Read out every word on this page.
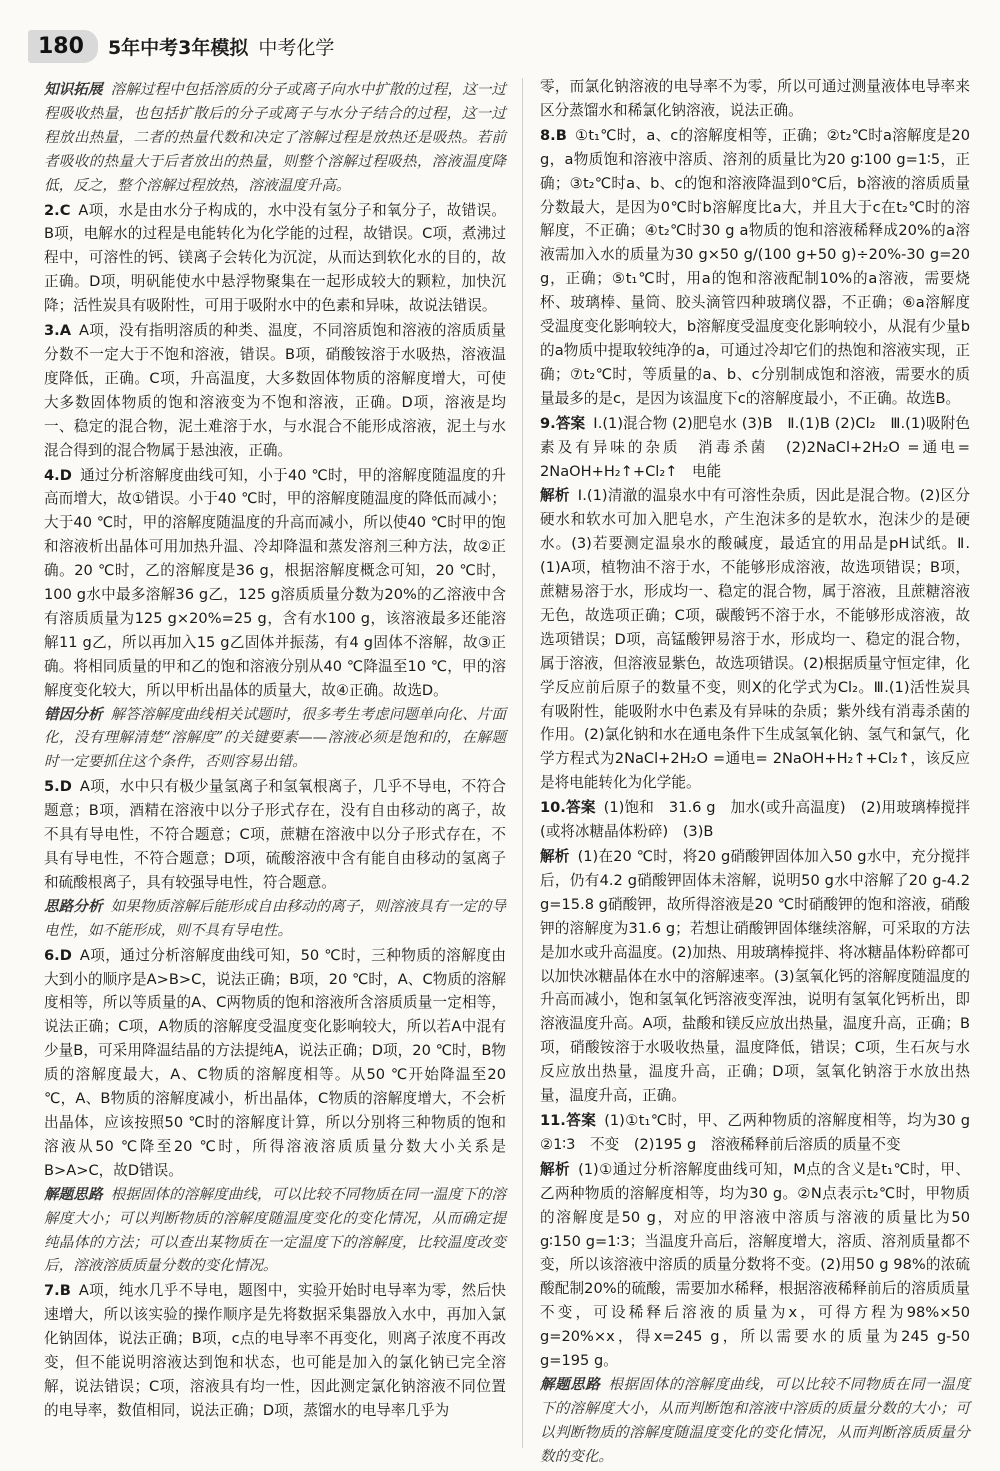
180	5年中考3年模拟 中考化学

知识拓展 溶解过程中包括溶质的分子或离子向水中扩散的过程，这一过程吸收热量，也包括扩散后的分子或离子与水分子结合的过程，这一过程放出热量，二者的热量代数和决定了溶解过程是放热还是吸热。若前者吸收的热量大于后者放出的热量，则整个溶解过程吸热，溶液温度降低，反之，整个溶解过程放热，溶液温度升高。

2.C A项，水是由水分子构成的，水中没有氢分子和氧分子，故错误。B项，电解水的过程是电能转化为化学能的过程，故错误。C项，煮沸过程中，可溶性的钙、镁离子会转化为沉淀，从而达到软化水的目的，故正确。D项，明矾能使水中悬浮物聚集在一起形成较大的颗粒，加快沉降；活性炭具有吸附性，可用于吸附水中的色素和异味，故说法错误。

3.A A项，没有指明溶质的种类、温度，不同溶质饱和溶液的溶质质量分数不一定大于不饱和溶液，错误。B项，硝酸铵溶于水吸热，溶液温度降低，正确。C项，升高温度，大多数固体物质的溶解度增大，可使大多数固体物质的饱和溶液变为不饱和溶液，正确。D项，溶液是均一、稳定的混合物，泥土难溶于水，与水混合不能形成溶液，泥土与水混合得到的混合物属于悬浊液，正确。

4.D 通过分析溶解度曲线可知，小于40 ℃时，甲的溶解度随温度的升高而增大，故①错误。小于40 ℃时，甲的溶解度随温度的降低而减小；大于40 ℃时，甲的溶解度随温度的升高而减小，所以使40 ℃时甲的饱和溶液析出晶体可用加热升温、冷却降温和蒸发溶剂三种方法，故②正确。20 ℃时，乙的溶解度是36 g，根据溶解度概念可知，20 ℃时，100 g水中最多溶解36 g乙，125 g溶质质量分数为20%的乙溶液中含有溶质质量为125 g×20%=25 g，含有水100 g，该溶液最多还能溶解11 g乙，所以再加入15 g乙固体并振荡，有4 g固体不溶解，故③正确。将相同质量的甲和乙的饱和溶液分别从40 ℃降温至10 ℃，甲的溶解度变化较大，所以甲析出晶体的质量大，故④正确。故选D。

错因分析 解答溶解度曲线相关试题时，很多考生考虑问题单向化、片面化，没有理解清楚“溶解度”的关键要素——溶液必须是饱和的，在解题时一定要抓住这个条件，否则容易出错。

5.D A项，水中只有极少量氢离子和氢氧根离子，几乎不导电，不符合题意；B项，酒精在溶液中以分子形式存在，没有自由移动的离子，故不具有导电性，不符合题意；C项，蔗糖在溶液中以分子形式存在，不具有导电性，不符合题意；D项，硫酸溶液中含有能自由移动的氢离子和硫酸根离子，具有较强导电性，符合题意。

思路分析 如果物质溶解后能形成自由移动的离子，则溶液具有一定的导电性，如不能形成，则不具有导电性。

6.D A项，通过分析溶解度曲线可知，50 ℃时，三种物质的溶解度由大到小的顺序是A>B>C，说法正确；B项，20 ℃时，A、C物质的溶解度相等，所以等质量的A、C两物质的饱和溶液所含溶质质量一定相等，说法正确；C项，A物质的溶解度受温度变化影响较大，所以若A中混有少量B，可采用降温结晶的方法提纯A，说法正确；D项，20 ℃时，B物质的溶解度最大，A、C物质的溶解度相等。从50 ℃开始降温至20 ℃，A、B物质的溶解度减小，析出晶体，C物质的溶解度增大，不会析出晶体，应该按照50 ℃时的溶解度计算，所以分别将三种物质的饱和溶液从50 ℃降至20 ℃时，所得溶液溶质质量分数大小关系是B>A>C，故D错误。

解题思路 根据固体的溶解度曲线，可以比较不同物质在同一温度下的溶解度大小；可以判断物质的溶解度随温度变化的变化情况，从而确定提纯晶体的方法；可以查出某物质在一定温度下的溶解度，比较温度改变后，溶液溶质质量分数的变化情况。

7.B A项，纯水几乎不导电，题图中，实验开始时电导率为零，然后快速增大，所以该实验的操作顺序是先将数据采集器放入水中，再加入氯化钠固体，说法正确；B项，c点的电导率不再变化，则离子浓度不再改变，但不能说明溶液达到饱和状态，也可能是加入的氯化钠已完全溶解，说法错误；C项，溶液具有均一性，因此测定氯化钠溶液不同位置的电导率，数值相同，说法正确；D项，蒸馏水的电导率几乎为

零，而氯化钠溶液的电导率不为零，所以可通过测量液体电导率来区分蒸馏水和稀氯化钠溶液，说法正确。

8.B ①t₁℃时，a、c的溶解度相等，正确；②t₂℃时a溶解度是20 g，a物质饱和溶液中溶质、溶剂的质量比为20 g∶100 g=1∶5，正确；③t₂℃时a、b、c的饱和溶液降温到0℃后，b溶液的溶质质量分数最大，是因为0℃时b溶解度比a大，并且大于c在t₂℃时的溶解度，不正确；④t₂℃时30 g a物质的饱和溶液稀释成20%的a溶液需加入水的质量为30 g×50 g/(100 g+50 g)÷20%-30 g=20 g，正确；⑤t₁℃时，用a的饱和溶液配制10%的a溶液，需要烧杯、玻璃棒、量筒、胶头滴管四种玻璃仪器，不正确；⑥a溶解度受温度变化影响较大，b溶解度受温度变化影响较小，从混有少量b的a物质中提取较纯净的a，可通过冷却它们的热饱和溶液实现，正确；⑦t₂℃时，等质量的a、b、c分别制成饱和溶液，需要水的质量最多的是c，是因为该温度下c的溶解度最小，不正确。故选B。

9.答案 Ⅰ.(1)混合物 (2)肥皂水 (3)B　Ⅱ.(1)B (2)Cl₂　Ⅲ.(1)吸附色素及有异味的杂质　消毒杀菌　(2)2NaCl+2H₂O =通电= 2NaOH+H₂↑+Cl₂↑　电能

解析 Ⅰ.(1)清澈的温泉水中有可溶性杂质，因此是混合物。(2)区分硬水和软水可加入肥皂水，产生泡沫多的是软水，泡沫少的是硬水。(3)若要测定温泉水的酸碱度，最适宜的用品是pH试纸。Ⅱ.(1)A项，植物油不溶于水，不能够形成溶液，故选项错误；B项，蔗糖易溶于水，形成均一、稳定的混合物，属于溶液，且蔗糖溶液无色，故选项正确；C项，碳酸钙不溶于水，不能够形成溶液，故选项错误；D项，高锰酸钾易溶于水，形成均一、稳定的混合物，属于溶液，但溶液显紫色，故选项错误。(2)根据质量守恒定律，化学反应前后原子的数量不变，则X的化学式为Cl₂。Ⅲ.(1)活性炭具有吸附性，能吸附水中色素及有异味的杂质；紫外线有消毒杀菌的作用。(2)氯化钠和水在通电条件下生成氢氧化钠、氢气和氯气，化学方程式为2NaCl+2H₂O =通电= 2NaOH+H₂↑+Cl₂↑，该反应是将电能转化为化学能。

10.答案 (1)饱和　31.6 g　加水(或升高温度)　(2)用玻璃棒搅拌(或将冰糖晶体粉碎)　(3)B

解析 (1)在20 ℃时，将20 g硝酸钾固体加入50 g水中，充分搅拌后，仍有4.2 g硝酸钾固体未溶解，说明50 g水中溶解了20 g-4.2 g=15.8 g硝酸钾，故所得溶液是20 ℃时硝酸钾的饱和溶液，硝酸钾的溶解度为31.6 g；若想让硝酸钾固体继续溶解，可采取的方法是加水或升高温度。(2)加热、用玻璃棒搅拌、将冰糖晶体粉碎都可以加快冰糖晶体在水中的溶解速率。(3)氢氧化钙的溶解度随温度的升高而减小，饱和氢氧化钙溶液变浑浊，说明有氢氧化钙析出，即溶液温度升高。A项，盐酸和镁反应放出热量，温度升高，正确；B项，硝酸铵溶于水吸收热量，温度降低，错误；C项，生石灰与水反应放出热量，温度升高，正确；D项，氢氧化钠溶于水放出热量，温度升高，正确。

11.答案 (1)①t₁℃时，甲、乙两种物质的溶解度相等，均为30 g　②1∶3　不变　(2)195 g　溶液稀释前后溶质的质量不变

解析 (1)①通过分析溶解度曲线可知，M点的含义是t₁℃时，甲、乙两种物质的溶解度相等，均为30 g。②N点表示t₂℃时，甲物质的溶解度是50 g，对应的甲溶液中溶质与溶液的质量比为50 g∶150 g=1∶3；当温度升高后，溶解度增大，溶质、溶剂质量都不变，所以该溶液中溶质的质量分数将不变。(2)用50 g 98%的浓硫酸配制20%的硫酸，需要加水稀释，根据溶液稀释前后的溶质质量不变，可设稀释后溶液的质量为x，可得方程为98%×50 g=20%×x，得x=245 g，所以需要水的质量为245 g-50 g=195 g。

解题思路 根据固体的溶解度曲线，可以比较不同物质在同一温度下的溶解度大小，从而判断饱和溶液中溶质的质量分数的大小；可以判断物质的溶解度随温度变化的变化情况，从而判断溶质质量分数的变化。
